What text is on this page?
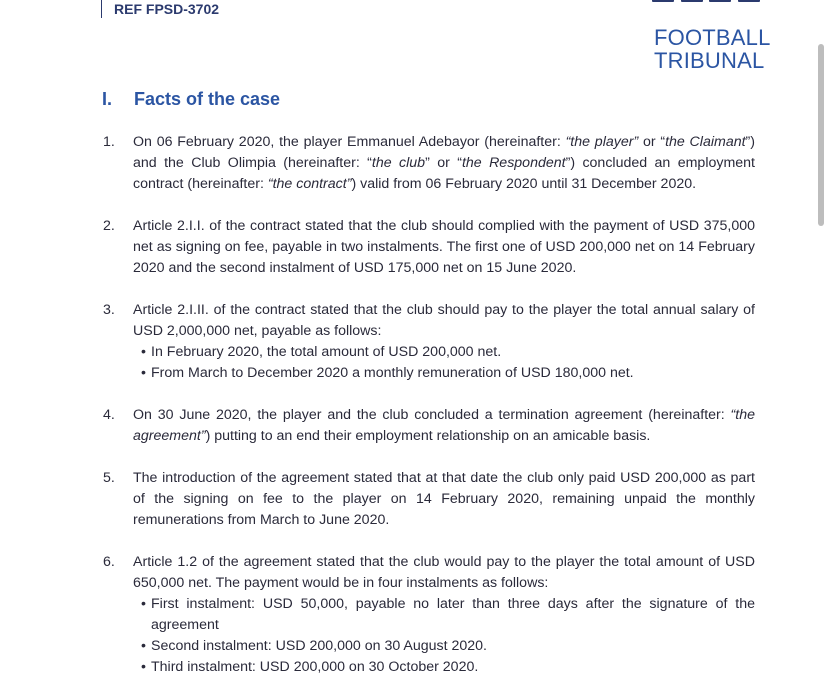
REF FPSD-3702
FOOTBALL
TRIBUNAL
I. Facts of the case
1.	On 06 February 2020, the player Emmanuel Adebayor (hereinafter: “the player” or “the Claimant”) and the Club Olimpia (hereinafter: “the club” or “the Respondent”) concluded an employment contract (hereinafter: “the contract”) valid from 06 February 2020 until 31 December 2020.
2.	Article 2.I.I. of the contract stated that the club should complied with the payment of USD 375,000 net as signing on fee, payable in two instalments. The first one of USD 200,000 net on 14 February 2020 and the second instalment of USD 175,000 net on 15 June 2020.
3.	Article 2.I.II. of the contract stated that the club should pay to the player the total annual salary of USD 2,000,000 net, payable as follows:
• In February 2020, the total amount of USD 200,000 net.
• From March to December 2020 a monthly remuneration of USD 180,000 net.
4.	On 30 June 2020, the player and the club concluded a termination agreement (hereinafter: “the agreement”) putting to an end their employment relationship on an amicable basis.
5.	The introduction of the agreement stated that at that date the club only paid USD 200,000 as part of the signing on fee to the player on 14 February 2020, remaining unpaid the monthly remunerations from March to June 2020.
6.	Article 1.2 of the agreement stated that the club would pay to the player the total amount of USD 650,000 net. The payment would be in four instalments as follows:
• First instalment: USD 50,000, payable no later than three days after the signature of the agreement
• Second instalment: USD 200,000 on 30 August 2020.
• Third instalment: USD 200,000 on 30 October 2020.
